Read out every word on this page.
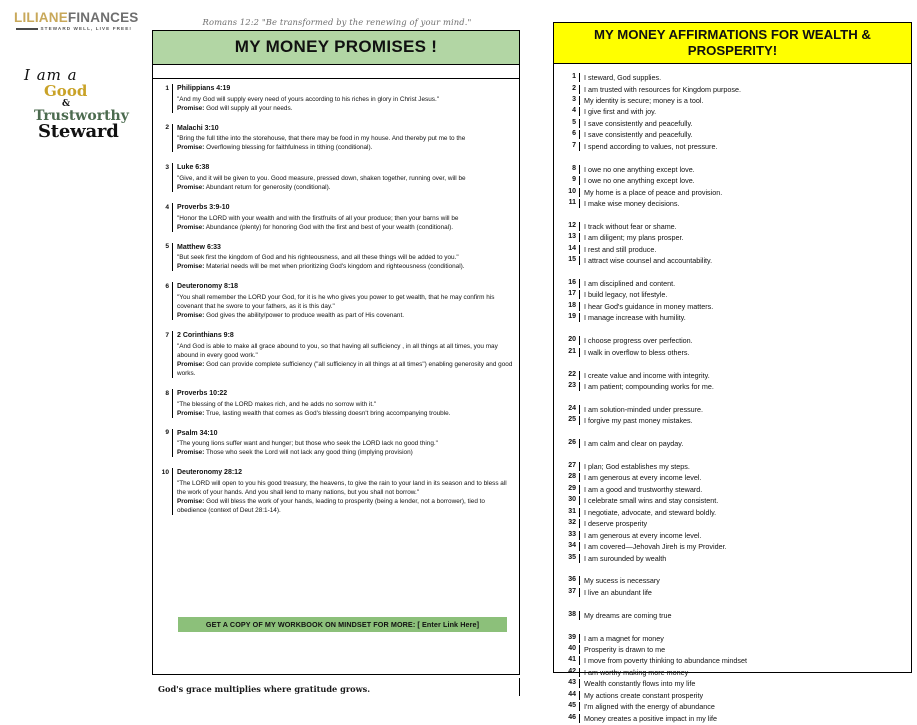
LILIANEFINANCES
STEWARD WELL, LIVE FREE!
I am a
Good
&
Trustworthy
Steward
Romans 12:2 "Be transformed by the renewing of your mind."
MY MONEY PROMISES !
1	Philippians 4:19
"And my God will supply every need of yours according to his riches in glory in Christ Jesus."
Promise: God will supply all your needs.
2	Malachi 3:10
"Bring the full tithe into the storehouse, that there may be food in my house. And thereby put me to the
Promise: Overflowing blessing for faithfulness in tithing (conditional).
3	Luke 6:38
"Give, and it will be given to you. Good measure, pressed down, shaken together, running over, will be
Promise: Abundant return for generosity (conditional).
4	Proverbs 3:9-10
"Honor the LORD with your wealth and with the firstfruits of all your produce; then your barns will be
Promise: Abundance (plenty) for honoring God with the first and best of your wealth (conditional).
5	Matthew 6:33
"But seek first the kingdom of God and his righteousness, and all these things will be added to you."
Promise: Material needs will be met when prioritizing God's kingdom and righteousness (conditional).
6	Deuteronomy 8:18
"You shall remember the LORD your God, for it is he who gives you power to get wealth, that he may confirm his covenant that he swore to your fathers, as it is this day."
Promise: God gives the ability/power to produce wealth as part of His covenant.
7	2 Corinthians 9:8
"And God is able to make all grace abound to you, so that having all sufficiency , in all things at all times, you may abound in every good work."
Promise: God can provide complete sufficiency ("all sufficiency in all things at all times") enabling generosity and good works.
8	Proverbs 10:22
"The blessing of the LORD makes rich, and he adds no sorrow with it."
Promise: True, lasting wealth that comes as God's blessing doesn't bring accompanying trouble.
9	Psalm 34:10
"The young lions suffer want and hunger; but those who seek the LORD lack no good thing."
Promise: Those who seek the Lord will not lack any good thing (implying provision)
10	Deuteronomy 28:12
"The LORD will open to you his good treasury, the heavens, to give the rain to your land in its season and to bless all the work of your hands. And you shall lend to many nations, but you shall not borrow."
Promise: God will bless the work of your hands, leading to prosperity (being a lender, not a borrower), tied to obedience (context of Deut 28:1-14).
GET A COPY OF MY WORKBOOK ON MINDSET FOR MORE: [ Enter Link Here]
God's grace multiplies where gratitude grows.
MY MONEY AFFIRMATIONS FOR WEALTH & PROSPERITY!
1	I steward, God supplies.
2	I am trusted with resources for Kingdom purpose.
3	My identity is secure; money is a tool.
4	I give first and with joy.
5	I save consistently and peacefully.
6	I save consistently and peacefully.
7	I spend according to values, not pressure.
8	I owe no one anything except love.
9	I owe no one anything except love.
10	My home is a place of peace and provision.
11	I make wise money decisions.
12	I track without fear or shame.
13	I am diligent; my plans prosper.
14	I rest and still produce.
15	I attract wise counsel and accountability.
16	I am disciplined and content.
17	I build legacy, not lifestyle.
18	I hear God's guidance in money matters.
19	I manage increase with humility.
20	I choose progress over perfection.
21	I walk in overflow to bless others.
22	I create value and income with integrity.
23	I am patient; compounding works for me.
24	I am solution-minded under pressure.
25	I forgive my past money mistakes.
26	I am calm and clear on payday.
27	I plan; God establishes my steps.
28	I am generous at every income level.
29	I am a good and trustworthy steward.
30	I celebrate small wins and stay consistent.
31	I negotiate, advocate, and steward boldly.
32	I deserve prosperity
33	I am generous at every income level.
34	I am covered—Jehovah Jireh is my Provider.
35	I am surounded by wealth
36	My sucess is necessary
37	I live an abundant life
38	My dreams are coming true
39	I am a magnet for money
40	Prosperity is drawn to me
41	I move from poverty thinking to abundance mindset
42	I am worthy making more money
43	Wealth constantly flows into my life
44	My actions create constant prosperity
45	I'm aligned with the energy of abundance
46	Money creates a positive impact in my life
